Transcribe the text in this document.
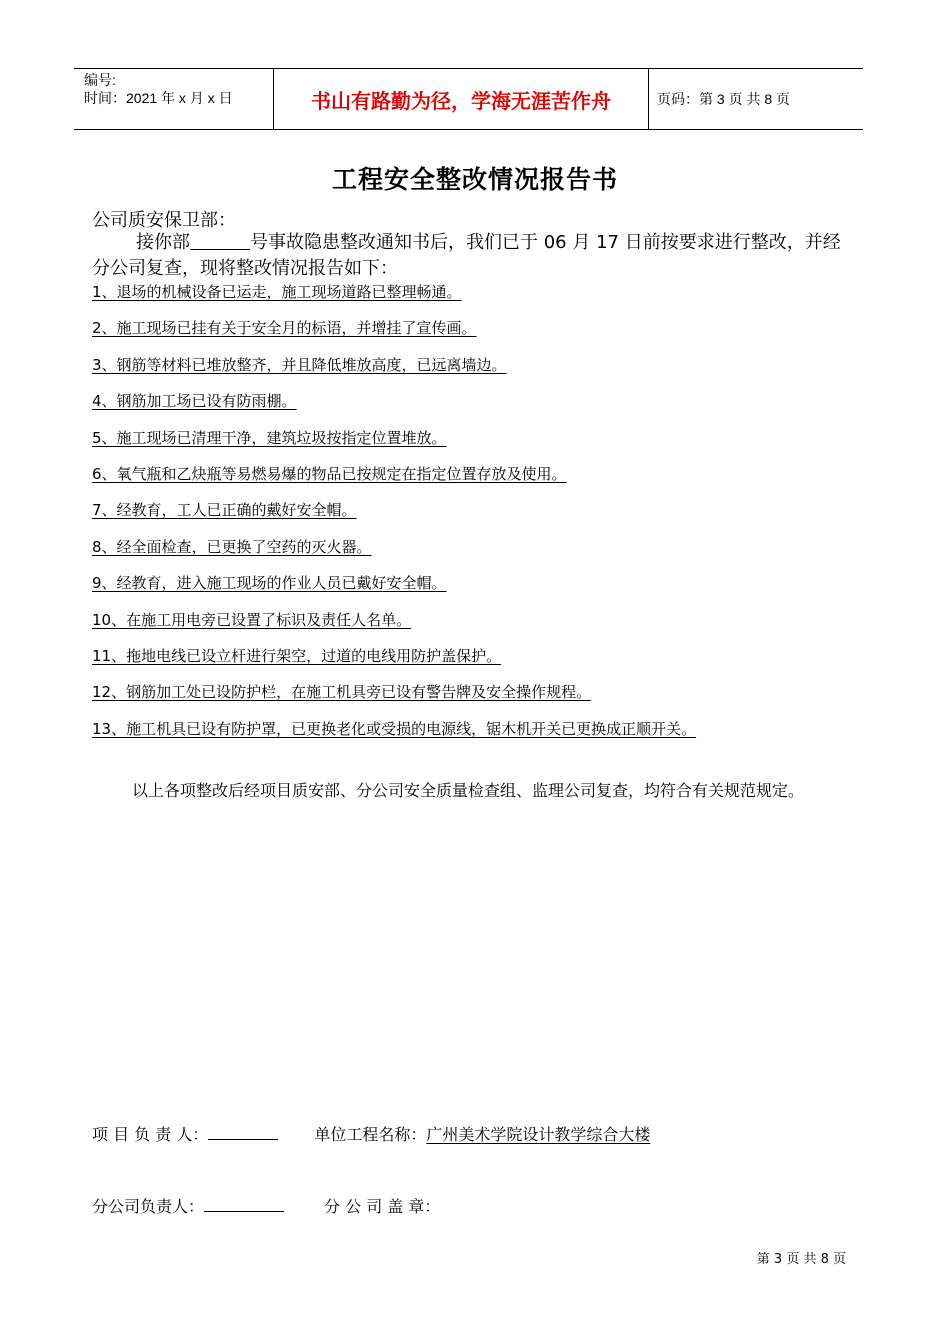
编号:
时间：2021 年 x 月 x 日	书山有路勤为径，学海无涯苦作舟	页码：第 3 页 共 8 页
工程安全整改情况报告书
公司质安保卫部：
接你部	号事故隐患整改通知书后，我们已于 06 月 17 日前按要求进行整改，并经分公司复查，现将整改情况报告如下：
1、退场的机械设备已运走，施工现场道路已整理畅通。
2、施工现场已挂有关于安全月的标语，并增挂了宣传画。
3、钢筋等材料已堆放整齐，并且降低堆放高度，已远离墙边。
4、钢筋加工场已设有防雨棚。
5、施工现场已清理干净，建筑垃圾按指定位置堆放。
6、氧气瓶和乙炔瓶等易燃易爆的物品已按规定在指定位置存放及使用。
7、经教育，工人已正确的戴好安全帽。
8、经全面检查，已更换了空药的灭火器。
9、经教育，进入施工现场的作业人员已戴好安全帽。
10、在施工用电旁已设置了标识及责任人名单。
11、拖地电线已设立杆进行架空，过道的电线用防护盖保护。
12、钢筋加工处已设防护栏，在施工机具旁已设有警告牌及安全操作规程。
13、施工机具已设有防护罩，已更换老化或受损的电源线，锯木机开关已更换成正顺开关。
以上各项整改后经项目质安部、分公司安全质量检查组、监理公司复查，均符合有关规范规定。
项 目 负 责 人：	单位工程名称： 广州美术学院设计教学综合大楼
分公司负责人：	分 公 司 盖 章：
第 3 页 共 8 页
